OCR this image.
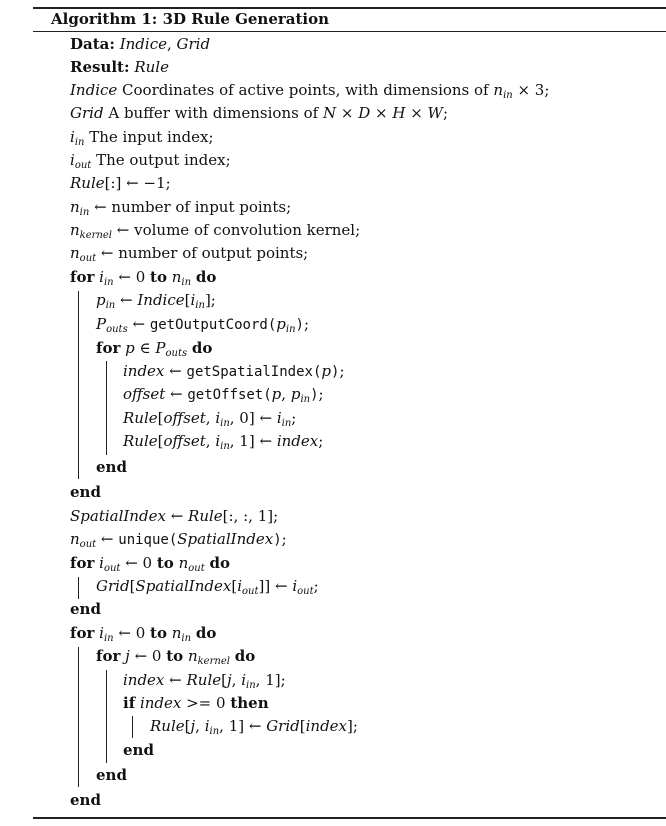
Algorithm 1: 3D Rule Generation
Data: Indice, Grid
Result: Rule
Indice Coordinates of active points, with dimensions of $n_{in} \times 3$;
Grid A buffer with dimensions of N × D × H × W;
$i_{in}$ The input index;
$i_{out}$ The output index;
Rule[:] ← −1;
$n_{in}$ ← number of input points;
$n_{kernel}$ ← volume of convolution kernel;
$n_{out}$ ← number of output points;
for $i_{in}$ ← 0 to $n_{in}$ do
$p_{in}$ ← $Indice[i_{in}]$;
$P_{outs}$ ← $getOutputCoord(p_{in})$;
for p ∈ $P_{outs}$ do
index ← getSpatialIndex(p);
offset ← getOffset(p, $p_{in}$);
Rule[offset, $i_{in}$, 0] ← $i_{in}$;
Rule[offset, $i_{in}$, 1] ← index;
end
end
SpatialIndex ← Rule[:, :, 1];
$n_{out}$ ← unique(SpatialIndex);
for $i_{out}$ ← 0 to $n_{out}$ do
$Grid[SpatialIndex[i_{out}]]$ ← $i_{out}$;
end
for $i_{in}$ ← 0 to $n_{in}$ do
for j ← 0 to $n_{kernel}$ do
index ← Rule[j, $i_{in}$, 1];
if index >= 0 then
Rule[j, $i_{in}$, 1] ← Grid[index];
end
end
end
